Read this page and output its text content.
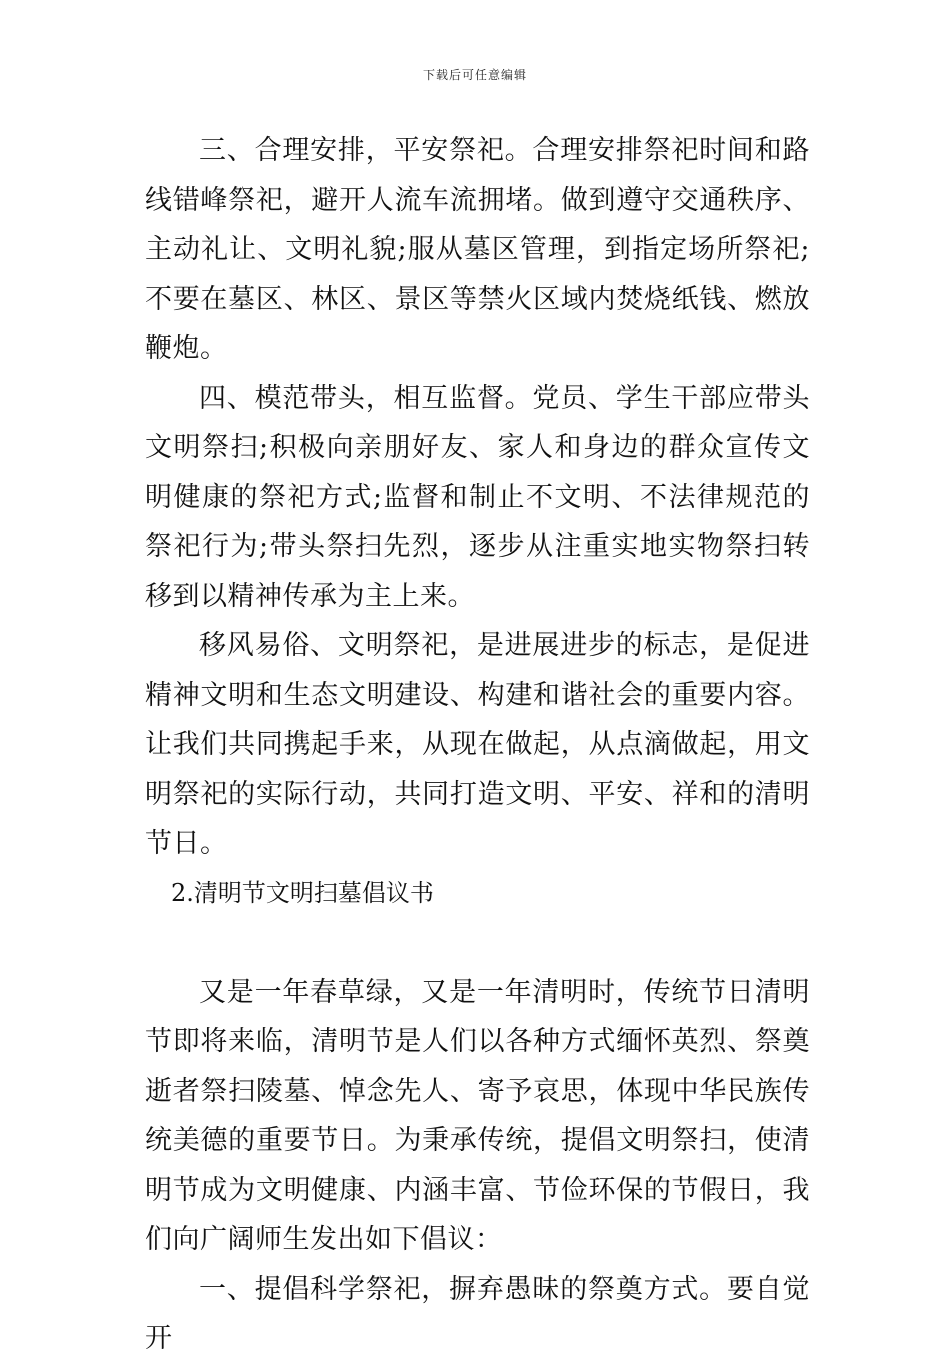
下载后可任意编辑

三、合理安排，平安祭祀。合理安排祭祀时间和路线错峰祭祀，避开人流车流拥堵。做到遵守交通秩序、主动礼让、文明礼貌;服从墓区管理，到指定场所祭祀;不要在墓区、林区、景区等禁火区域内焚烧纸钱、燃放鞭炮。

四、模范带头，相互监督。党员、学生干部应带头文明祭扫;积极向亲朋好友、家人和身边的群众宣传文明健康的祭祀方式;监督和制止不文明、不法律规范的祭祀行为;带头祭扫先烈，逐步从注重实地实物祭扫转移到以精神传承为主上来。

移风易俗、文明祭祀，是进展进步的标志，是促进精神文明和生态文明建设、构建和谐社会的重要内容。让我们共同携起手来，从现在做起，从点滴做起，用文明祭祀的实际行动，共同打造文明、平安、祥和的清明节日。

2.清明节文明扫墓倡议书

又是一年春草绿，又是一年清明时，传统节日清明节即将来临，清明节是人们以各种方式缅怀英烈、祭奠逝者祭扫陵墓、悼念先人、寄予哀思，体现中华民族传统美德的重要节日。为秉承传统，提倡文明祭扫，使清明节成为文明健康、内涵丰富、节俭环保的节假日，我们向广阔师生发出如下倡议：

一、提倡科学祭祀，摒弃愚昧的祭奠方式。要自觉开
